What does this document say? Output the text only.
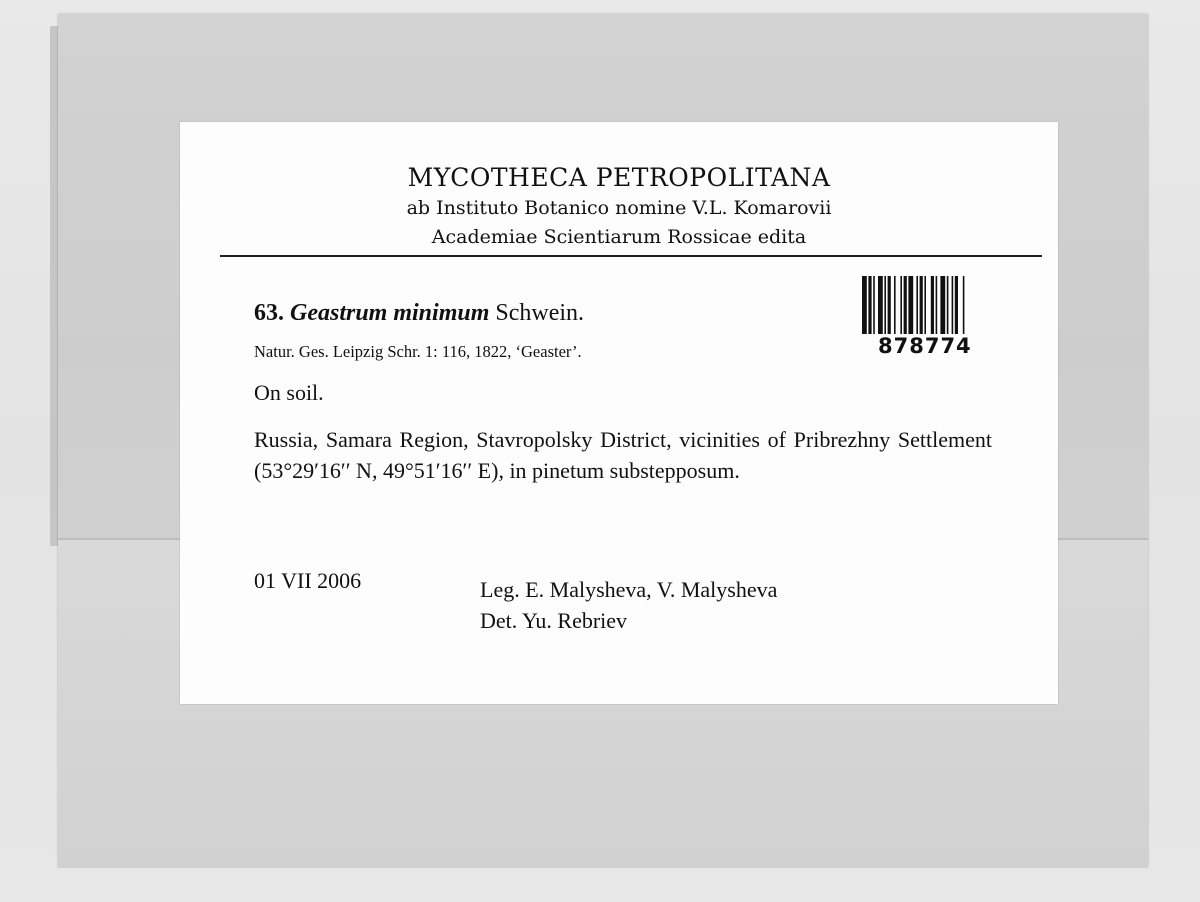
MYCOTHECA PETROPOLITANA
ab Instituto Botanico nomine V.L. Komarovii
Academiae Scientiarum Rossicae edita
63. Geastrum minimum Schwein.
Natur. Ges. Leipzig Schr. 1: 116, 1822, ‘Geaster’.	878774
On soil.
Russia, Samara Region, Stavropolsky District, vicinities of Pribrezhny Settlement (53°29′16′′ N, 49°51′16′′ E), in pinetum substepposum.
01 VII 2006	Leg. E. Malysheva, V. Malysheva
Det. Yu. Rebriev
